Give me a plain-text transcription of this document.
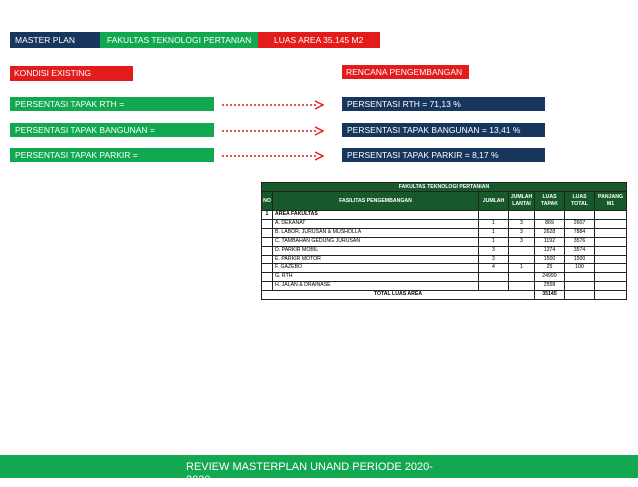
MASTER PLAN	FAKULTAS TEKNOLOGI PERTANIAN	LUAS AREA 35.145 M2
KONDISI EXISTING	RENCANA PENGEMBANGAN
PERSENTASI TAPAK RTH =	PERSENTASI RTH = 71,13 %
PERSENTASI TAPAK BANGUNAN =	PERSENTASI TAPAK BANGUNAN = 13,41 %
PERSENTASI TAPAK PARKIR =	PERSENTASI TAPAK PARKIR = 8,17 %
FAKULTAS TEKNOLOGI PERTANIAN						
NO	FASILITAS PENGEMBANGAN	JUMLAH	JUMLAH LANTAI	LUAS TAPAK	LUAS TOTAL	PANJANG M1
1	AREA FAKULTAS					
	A. DEKANAT	1	3	869	2607	
	B. LABOR, JURUSAN & MUSHOLLA	1	3	2628	7884	
	C. TAMBAHAN GEDUNG JURUSAN	1	3	1192	3576	
	D. PARKIR MOBIL	3		1374	3574	
	E. PARKIR MOTOR	3		1500	1500	
	F. GAZEBO	4	1	25	100	
	G. RTH			24999		
	H. JALAN & DRAINASE			2558		
TOTAL LUAS AREA				35145		
REVIEW MASTERPLAN UNAND PERIODE 2020-2030
